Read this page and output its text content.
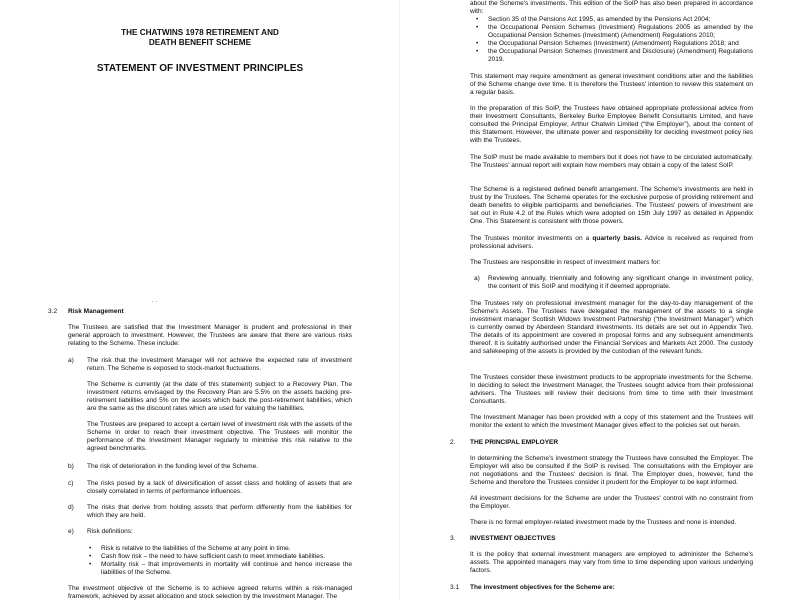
THE CHATWINS 1978 RETIREMENT AND
DEATH BENEFIT SCHEME
STATEMENT OF INVESTMENT PRINCIPLES
. .
3.2 Risk Management

The Trustees are satisfied that the Investment Manager is prudent and professional in their general approach to investment. However, the Trustees are aware that there are various risks relating to the Scheme. These include:

a) The risk that the Investment Manager will not achieve the expected rate of investment return. The Scheme is exposed to stock-market fluctuations.

The Scheme is currently (at the date of this statement) subject to a Recovery Plan. The investment returns envisaged by the Recovery Plan are 5.5% on the assets backing pre-retirement liabilities and 5% on the assets which back the post-retirement liabilities, which are the same as the discount rates which are used for valuing the liabilities.

The Trustees are prepared to accept a certain level of investment risk with the assets of the Scheme in order to reach their investment objective. The Trustees will monitor the performance of the Investment Manager regularly to minimise this risk relative to the agreed benchmarks.

b) The risk of deterioration in the funding level of the Scheme.

c) The risks posed by a lack of diversification of asset class and holding of assets that are closely correlated in terms of performance influences.

d) The risks that derive from holding assets that perform differently from the liabilities for which they are held.

e) Risk definitions:

• Risk is relative to the liabilities of the Scheme at any point in time.
• Cash flow risk – the need to have sufficient cash to meet immediate liabilities.
• Mortality risk – that improvements in mortality will continue and hence increase the liabilities of the Scheme.

The investment objective of the Scheme is to achieve agreed returns within a risk-managed framework, achieved by asset allocation and stock selection by the Investment Manager. The

about the Scheme's investments. This edition of the SoIP has also been prepared in accordance with:

• Section 35 of the Pensions Act 1995, as amended by the Pensions Act 2004;
• the Occupational Pension Schemes (Investment) Regulations 2005 as amended by the Occupational Pension Schemes (Investment) (Amendment) Regulations 2010;
• the Occupational Pension Schemes (Investment) (Amendment) Regulations 2018; and
• the Occupational Pension Schemes (Investment and Disclosure) (Amendment) Regulations 2019.

This statement may require amendment as general investment conditions alter and the liabilities of the Scheme change over time. It is therefore the Trustees' intention to review this statement on a regular basis.

In the preparation of this SoIP, the Trustees have obtained appropriate professional advice from their Investment Consultants, Berkeley Burke Employee Benefit Consultants Limited, and have consulted the Principal Employer, Arthur Chatwin Limited (“the Employer”), about the content of this Statement. However, the ultimate power and responsibility for deciding investment policy lies with the Trustees.

The SoIP must be made available to members but it does not have to be circulated automatically. The Trustees' annual report will explain how members may obtain a copy of the latest SoIP.

The Scheme is a registered defined benefit arrangement. The Scheme's investments are held in trust by the Trustees. The Scheme operates for the exclusive purpose of providing retirement and death benefits to eligible participants and beneficiaries. The Trustees' powers of investment are set out in Rule 4.2 of the Rules which were adopted on 15th July 1997 as detailed in Appendix One. This Statement is consistent with those powers.

The Trustees monitor investments on a quarterly basis. Advice is received as required from professional advisers.

The Trustees are responsible in respect of investment matters for:

a) Reviewing annually, triennially and following any significant change in investment policy, the content of this SoIP and modifying it if deemed appropriate.

The Trustees rely on professional investment manager for the day-to-day management of the Scheme's Assets. The Trustees have delegated the management of the assets to a single investment manager Scottish Widows Investment Partnership (“the Investment Manager”) which is currently owned by Aberdeen Standard Investments. Its details are set out in Appendix Two. The details of its appointment are covered in proposal forms and any subsequent amendments thereof. It is suitably authorised under the Financial Services and Markets Act 2000. The custody and safekeeping of the assets is provided by the custodian of the relevant funds.

The Trustees consider these investment products to be appropriate investments for the Scheme. In deciding to select the Investment Manager, the Trustees sought advice from their professional advisers. The Trustees will review their decisions from time to time with their Investment Consultants.

The Investment Manager has been provided with a copy of this statement and the Trustees will monitor the extent to which the Investment Manager gives effect to the policies set out herein.

2. THE PRINCIPAL EMPLOYER

In determining the Scheme's investment strategy the Trustees have consulted the Employer. The Employer will also be consulted if the SoIP is revised. The consultations with the Employer are not negotiations and the Trustees' decision is final. The Employer does, however, fund the Scheme and therefore the Trustees consider it prudent for the Employer to be kept informed.

All investment decisions for the Scheme are under the Trustees' control with no constraint from the Employer.

There is no formal employer-related investment made by the Trustees and none is intended.

3. INVESTMENT OBJECTIVES

It is the policy that external investment managers are employed to administer the Scheme's assets. The appointed managers may vary from time to time depending upon various underlying factors.

3.1 The investment objectives for the Scheme are:
